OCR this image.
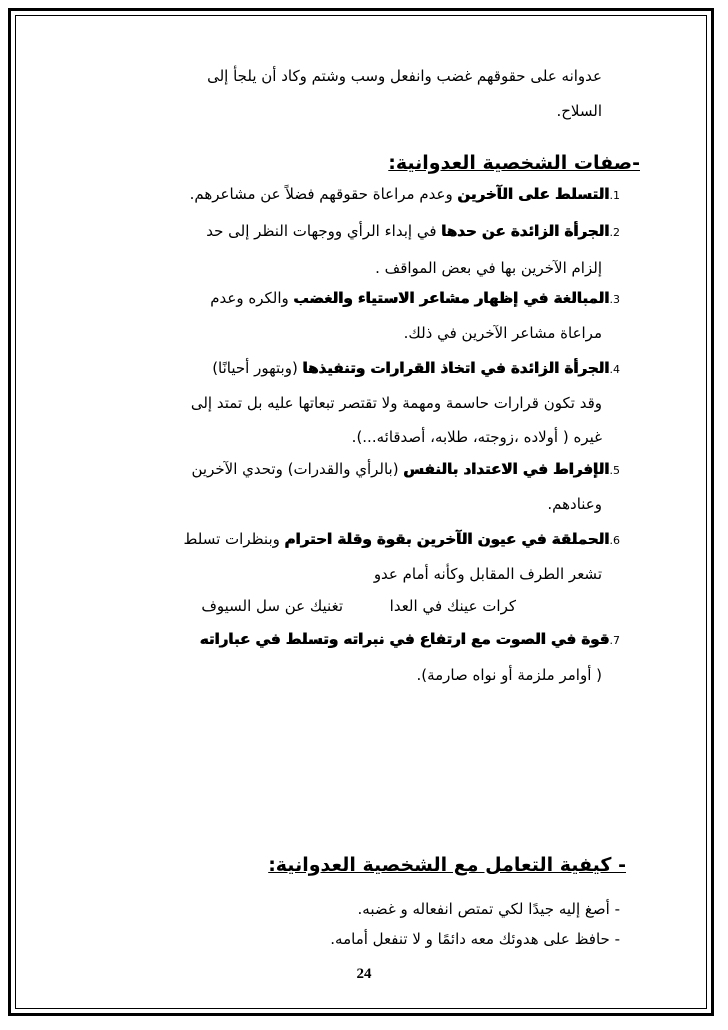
عدوانه على حقوقهم غضب وانفعل وسب وشتم وكاد أن يلجأ إلى
السلاح.
-صفات الشخصية العدوانية:
1.التسلط على الآخرين وعدم مراعاة حقوقهم فضلاً عن مشاعرهم.
2.الجرأة الزائدة عن حدها في إبداء الرأي ووجهات النظر إلى حد
إلزام الآخرين بها في بعض المواقف .
3.المبالغة في إظهار مشاعر الاستياء والغضب والكره وعدم
مراعاة مشاعر الآخرين في ذلك.
4.الجرأة الزائدة في اتخاذ القرارات وتنفيذها (وبتهور أحيانًا)
وقد تكون قرارات حاسمة ومهمة ولا تقتصر تبعاتها عليه بل تمتد إلى
غيره ( أولاده ،زوجته، طلابه، أصدقائه...).
5.الإفراط في الاعتداد بالنفس (بالرأي والقدرات) وتحدي الآخرين
وعنادهم.
6.الحملقة في عيون الآخرين بقوة وقلة احترام وبنظرات تسلط
تشعر الطرف المقابل وكأنه أمام عدو
كرات عينك في العدا
تغنيك عن سل السيوف
7.قوة في الصوت مع ارتفاع في نبراته وتسلط في عباراته
( أوامر ملزمة أو نواه صارمة).
- كيفية التعامل مع الشخصية العدوانية:
- أصغ إليه جيدًا لكي تمتص انفعاله و غضبه.
- حافظ على هدوئك معه دائمًا و لا تنفعل أمامه.
24
